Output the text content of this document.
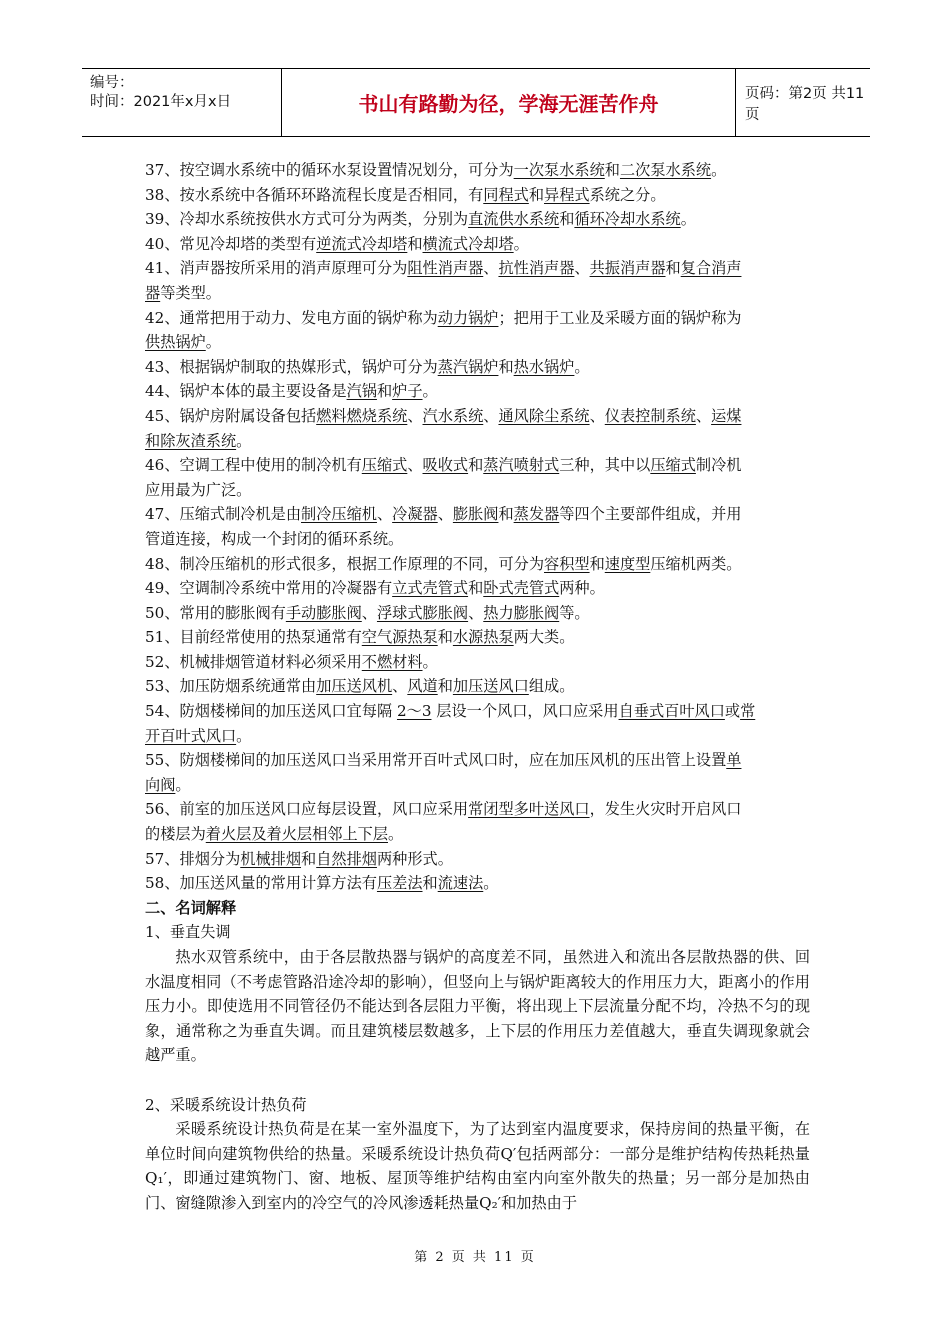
编号：
时间：2021年x月x日	书山有路勤为径，学海无涯苦作舟	页码：第2页 共11页
37、按空调水系统中的循环水泵设置情况划分，可分为一次泵水系统和二次泵水系统。
38、按水系统中各循环环路流程长度是否相同，有同程式和异程式系统之分。
39、冷却水系统按供水方式可分为两类，分别为直流供水系统和循环冷却水系统。
40、常见冷却塔的类型有逆流式冷却塔和横流式冷却塔。
41、消声器按所采用的消声原理可分为阻性消声器、抗性消声器、共振消声器和复合消声
器等类型。
42、通常把用于动力、发电方面的锅炉称为动力锅炉；把用于工业及采暖方面的锅炉称为
供热锅炉。
43、根据锅炉制取的热媒形式，锅炉可分为蒸汽锅炉和热水锅炉。
44、锅炉本体的最主要设备是汽锅和炉子。
45、锅炉房附属设备包括燃料燃烧系统、汽水系统、通风除尘系统、仪表控制系统、运煤
和除灰渣系统。
46、空调工程中使用的制冷机有压缩式、吸收式和蒸汽喷射式三种，其中以压缩式制冷机
应用最为广泛。
47、压缩式制冷机是由制冷压缩机、冷凝器、膨胀阀和蒸发器等四个主要部件组成，并用
管道连接，构成一个封闭的循环系统。
48、制冷压缩机的形式很多，根据工作原理的不同，可分为容积型和速度型压缩机两类。
49、空调制冷系统中常用的冷凝器有立式壳管式和卧式壳管式两种。
50、常用的膨胀阀有手动膨胀阀、浮球式膨胀阀、热力膨胀阀等。
51、目前经常使用的热泵通常有空气源热泵和水源热泵两大类。
52、机械排烟管道材料必须采用不燃材料。
53、加压防烟系统通常由加压送风机、风道和加压送风口组成。
54、防烟楼梯间的加压送风口宜每隔 2～3 层设一个风口，风口应采用自垂式百叶风口或常
开百叶式风口。
55、防烟楼梯间的加压送风口当采用常开百叶式风口时，应在加压风机的压出管上设置单
向阀。
56、前室的加压送风口应每层设置，风口应采用常闭型多叶送风口，发生火灾时开启风口
的楼层为着火层及着火层相邻上下层。
57、排烟分为机械排烟和自然排烟两种形式。
58、加压送风量的常用计算方法有压差法和流速法。
二、名词解释
1、垂直失调
热水双管系统中，由于各层散热器与锅炉的高度差不同，虽然进入和流出各层散热器的供、回水温度相同（不考虑管路沿途冷却的影响），但竖向上与锅炉距离较大的作用压力大，距离小的作用压力小。即使选用不同管径仍不能达到各层阻力平衡，将出现上下层流量分配不均，冷热不匀的现象，通常称之为垂直失调。而且建筑楼层数越多，上下层的作用压力差值越大，垂直失调现象就会越严重。
2、采暖系统设计热负荷
采暖系统设计热负荷是在某一室外温度下，为了达到室内温度要求，保持房间的热量平衡，在单位时间向建筑物供给的热量。采暖系统设计热负荷Q′包括两部分：一部分是维护结构传热耗热量Q₁′，即通过建筑物门、窗、地板、屋顶等维护结构由室内向室外散失的热量；另一部分是加热由门、窗缝隙渗入到室内的冷空气的冷风渗透耗热量Q₂′和加热由于
第 2 页 共 11 页
